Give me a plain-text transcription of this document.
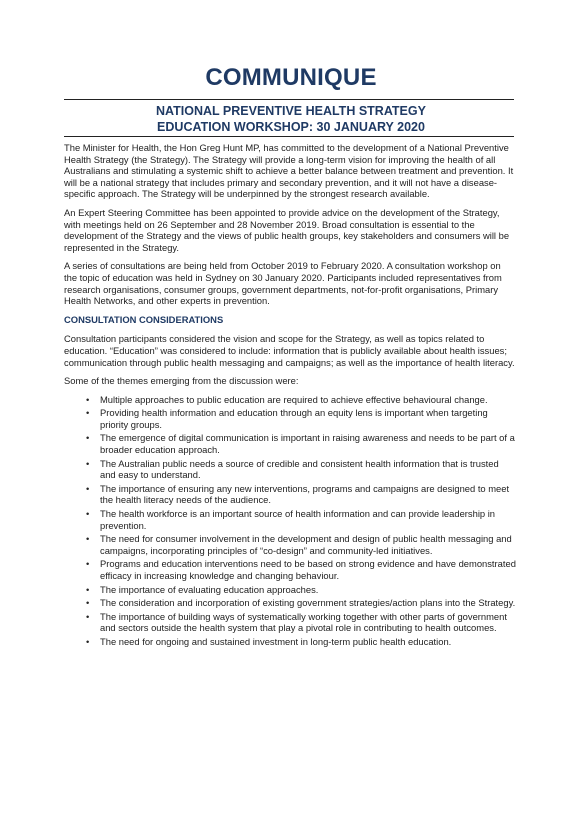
COMMUNIQUE
NATIONAL PREVENTIVE HEALTH STRATEGY
EDUCATION WORKSHOP: 30 JANUARY 2020

The Minister for Health, the Hon Greg Hunt MP, has committed to the development of a National Preventive Health Strategy (the Strategy). The Strategy will provide a long-term vision for improving the health of all Australians and stimulating a systemic shift to achieve a better balance between treatment and prevention. It will be a national strategy that includes primary and secondary prevention, and it will not have a disease-specific approach. The Strategy will be underpinned by the strongest research available.

An Expert Steering Committee has been appointed to provide advice on the development of the Strategy, with meetings held on 26 September and 28 November 2019. Broad consultation is essential to the development of the Strategy and the views of public health groups, key stakeholders and consumers will be represented in the Strategy.

A series of consultations are being held from October 2019 to February 2020. A consultation workshop on the topic of education was held in Sydney on 30 January 2020. Participants included representatives from research organisations, consumer groups, government departments, not-for-profit organisations, Primary Health Networks, and other experts in prevention.

CONSULTATION CONSIDERATIONS

Consultation participants considered the vision and scope for the Strategy, as well as topics related to education. “Education” was considered to include: information that is publicly available about health issues; communication through public health messaging and campaigns; as well as the importance of health literacy.

Some of the themes emerging from the discussion were:

• Multiple approaches to public education are required to achieve effective behavioural change.
• Providing health information and education through an equity lens is important when targeting priority groups.
• The emergence of digital communication is important in raising awareness and needs to be part of a broader education approach.
• The Australian public needs a source of credible and consistent health information that is trusted and easy to understand.
• The importance of ensuring any new interventions, programs and campaigns are designed to meet the health literacy needs of the audience.
• The health workforce is an important source of health information and can provide leadership in prevention.
• The need for consumer involvement in the development and design of public health messaging and campaigns, incorporating principles of “co-design” and community-led initiatives.
• Programs and education interventions need to be based on strong evidence and have demonstrated efficacy in increasing knowledge and changing behaviour.
• The importance of evaluating education approaches.
• The consideration and incorporation of existing government strategies/action plans into the Strategy.
• The importance of building ways of systematically working together with other parts of government and sectors outside the health system that play a pivotal role in contributing to health outcomes.
• The need for ongoing and sustained investment in long-term public health education.
